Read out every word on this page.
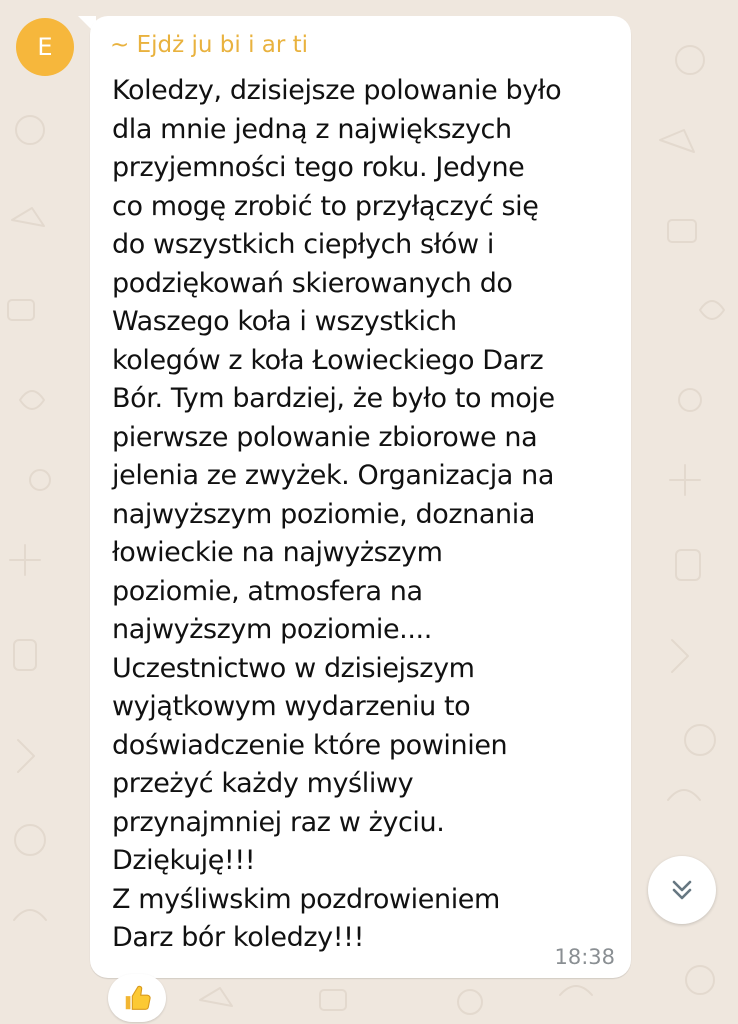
E ~ Ejdż ju bi i ar ti

Koledzy, dzisiejsze polowanie było
dla mnie jedną z największych
przyjemności tego roku. Jedyne
co mogę zrobić to przyłączyć się
do wszystkich ciepłych słów i
podziękowań skierowanych do
Waszego koła i wszystkich
kolegów z koła Łowieckiego Darz
Bór. Tym bardziej, że było to moje
pierwsze polowanie zbiorowe na
jelenia ze zwyżek. Organizacja na
najwyższym poziomie, doznania
łowieckie na najwyższym
poziomie, atmosfera na
najwyższym poziomie....
Uczestnictwo w dzisiejszym
wyjątkowym wydarzeniu to
doświadczenie które powinien
przeżyć każdy myśliwy
przynajmniej raz w życiu.
Dziękuję!!!
Z myśliwskim pozdrowieniem
Darz bór koledzy!!!

18:38
